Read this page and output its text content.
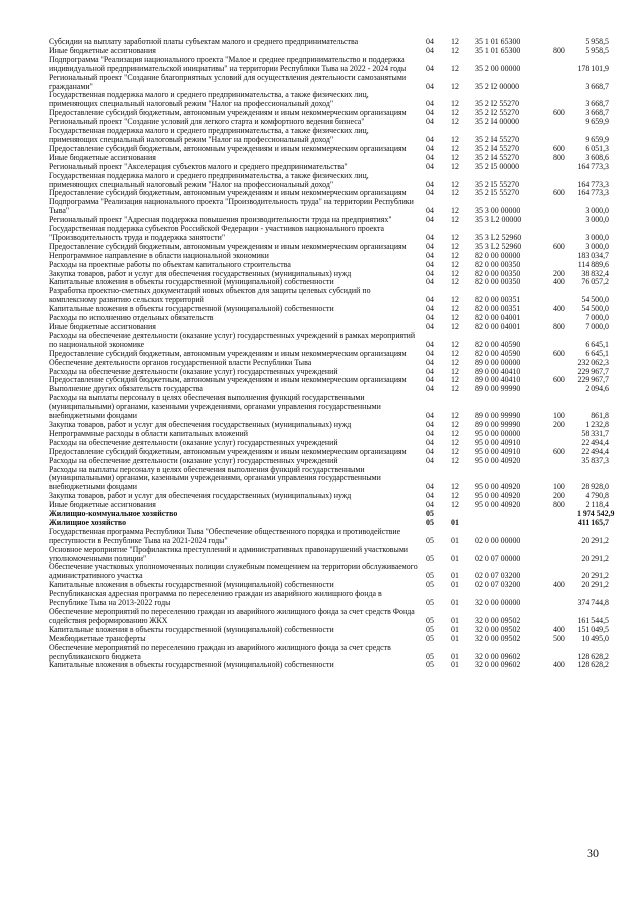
Субсидии на выплату заработной платы субъектам малого и среднего предпринимательства	04	12	35 1 01 65300	5 958,5
Иные бюджетные ассигнования	04	12	35 1 01 65300	800	5 958,5
Подпрограмма "Реализация национального проекта "Малое и среднее предпринимательство и поддержка индивидуальной предпринимательской инициативы" на территории Республики Тыва на 2022 - 2024 годы	04	12	35 2 00 00000	178 101,9
Региональный проект "Создание благоприятных условий для осуществления деятельности самозанятыми гражданами"	04	12	35 2 I2 00000	3 668,7
Государственная поддержка малого и среднего предпринимательства, а также физических лиц, применяющих специальный налоговый режим "Налог на профессиональный доход"	04	12	35 2 I2 55270	3 668,7
Предоставление субсидий бюджетным, автономным учреждениям и иным некоммерческим организациям	04	12	35 2 I2 55270	600	3 668,7
Региональный проект "Создание условий для легкого старта и комфортного ведения бизнеса"	04	12	35 2 I4 00000	9 659,9
Государственная поддержка малого и среднего предпринимательства, а также физических лиц, применяющих специальный налоговый режим "Налог на профессиональный доход"	04	12	35 2 I4 55270	9 659,9
Предоставление субсидий бюджетным, автономным учреждениям и иным некоммерческим организациям	04	12	35 2 I4 55270	600	6 051,3
Иные бюджетные ассигнования	04	12	35 2 I4 55270	800	3 608,6
Региональный проект "Акселерация субъектов малого и среднего предпринимательства"	04	12	35 2 I5 00000	164 773,3
Государственная поддержка малого и среднего предпринимательства, а также физических лиц, применяющих специальный налоговый режим "Налог на профессиональный доход"	04	12	35 2 I5 55270	164 773,3
Предоставление субсидий бюджетным, автономным учреждениям и иным некоммерческим организациям	04	12	35 2 I5 55270	600	164 773,3
Подпрограмма "Реализация национального проекта "Производительность труда" на территории Республики Тыва"	04	12	35 3 00 00000	3 000,0
Региональный проект "Адресная поддержка повышения производительности труда на предприятиях"	04	12	35 3 L2 00000	3 000,0
Государственная поддержка субъектов Российской Федерации - участников национального проекта "Производительность труда и поддержка занятости"	04	12	35 3 L2 52960	3 000,0
Предоставление субсидий бюджетным, автономным учреждениям и иным некоммерческим организациям	04	12	35 3 L2 52960	600	3 000,0
Непрограммное направление в области национальной экономики	04	12	82 0 00 00000	183 034,7
Расходы на проектные работы по объектам капитального строительства	04	12	82 0 00 00350	114 889,6
Закупка товаров, работ и услуг для обеспечения государственных (муниципальных) нужд	04	12	82 0 00 00350	200	38 832,4
Капитальные вложения в объекты государственной (муниципальной) собственности	04	12	82 0 00 00350	400	76 057,2
Разработка проектно-сметных документаций новых объектов для защиты целевых субсидий по комплексному развитию сельских территорий	04	12	82 0 00 00351	54 500,0
Капитальные вложения в объекты государственной (муниципальной) собственности	04	12	82 0 00 00351	400	54 500,0
Расходы по исполнению отдельных обязательств	04	12	82 0 00 04001	7 000,0
Иные бюджетные ассигнования	04	12	82 0 00 04001	800	7 000,0
Расходы на обеспечение деятельности (оказание услуг) государственных учреждений в рамках мероприятий по национальной экономике	04	12	82 0 00 40590	6 645,1
Предоставление субсидий бюджетным, автономным учреждениям и иным некоммерческим организациям	04	12	82 0 00 40590	600	6 645,1
Обеспечение деятельности органов государственной власти Республики Тыва	04	12	89 0 00 00000	232 062,3
Расходы на обеспечение деятельности (оказание услуг) государственных учреждений	04	12	89 0 00 40410	229 967,7
Предоставление субсидий бюджетным, автономным учреждениям и иным некоммерческим организациям	04	12	89 0 00 40410	600	229 967,7
Выполнение других обязательств государства	04	12	89 0 00 99990	2 094,6
Расходы на выплаты персоналу в целях обеспечения выполнения функций государственными (муниципальными) органами, казенными учреждениями, органами управления государственными внебюджетными фондами	04	12	89 0 00 99990	100	861,8
Закупка товаров, работ и услуг для обеспечения государственных (муниципальных) нужд	04	12	89 0 00 99990	200	1 232,8
Непрограммные расходы в области капитальных вложений	04	12	95 0 00 00000	58 331,7
Расходы на обеспечение деятельности (оказание услуг) государственных учреждений	04	12	95 0 00 40910	22 494,4
Предоставление субсидий бюджетным, автономным учреждениям и иным некоммерческим организациям	04	12	95 0 00 40910	600	22 494,4
Расходы на обеспечение деятельности (оказание услуг) государственных учреждений	04	12	95 0 00 40920	35 837,3
Расходы на выплаты персоналу в целях обеспечения выполнения функций государственными (муниципальными) органами, казенными учреждениями, органами управления государственными внебюджетными фондами	04	12	95 0 00 40920	100	28 928,0
Закупка товаров, работ и услуг для обеспечения государственных (муниципальных) нужд	04	12	95 0 00 40920	200	4 790,8
Иные бюджетные ассигнования	04	12	95 0 00 40920	800	2 118,4
Жилищно-коммунальное хозяйство	05	1 974 542,9
Жилищное хозяйство	05	01	411 165,7
Государственная программа Республики Тыва "Обеспечение общественного порядка и противодействие преступности в Республике Тыва на 2021-2024 годы"	05	01	02 0 00 00000	20 291,2
Основное мероприятие "Профилактика преступлений и административных правонарушений участковыми уполномоченными полиции"	05	01	02 0 07 00000	20 291,2
Обеспечение участковых уполномоченных полиции служебным помещением на территории обслуживаемого административного участка	05	01	02 0 07 03200	20 291,2
Капитальные вложения в объекты государственной (муниципальной) собственности	05	01	02 0 07 03200	400	20 291,2
Республиканская адресная программа по переселению граждан из аварийного жилищного фонда в Республике Тыва на 2013-2022 годы	05	01	32 0 00 00000	374 744,8
Обеспечение мероприятий по переселению граждан из аварийного жилищного фонда за счет средств Фонда содействия реформированию ЖКХ	05	01	32 0 00 09502	161 544,5
Капитальные вложения в объекты государственной (муниципальной) собственности	05	01	32 0 00 09502	400	151 049,5
Межбюджетные трансферты	05	01	32 0 00 09502	500	10 495,0
Обеспечение мероприятий по переселению граждан из аварийного жилищного фонда за счет средств республиканского бюджета	05	01	32 0 00 09602	128 628,2
Капитальные вложения в объекты государственной (муниципальной) собственности	05	01	32 0 00 09602	400	128 628,2
30
